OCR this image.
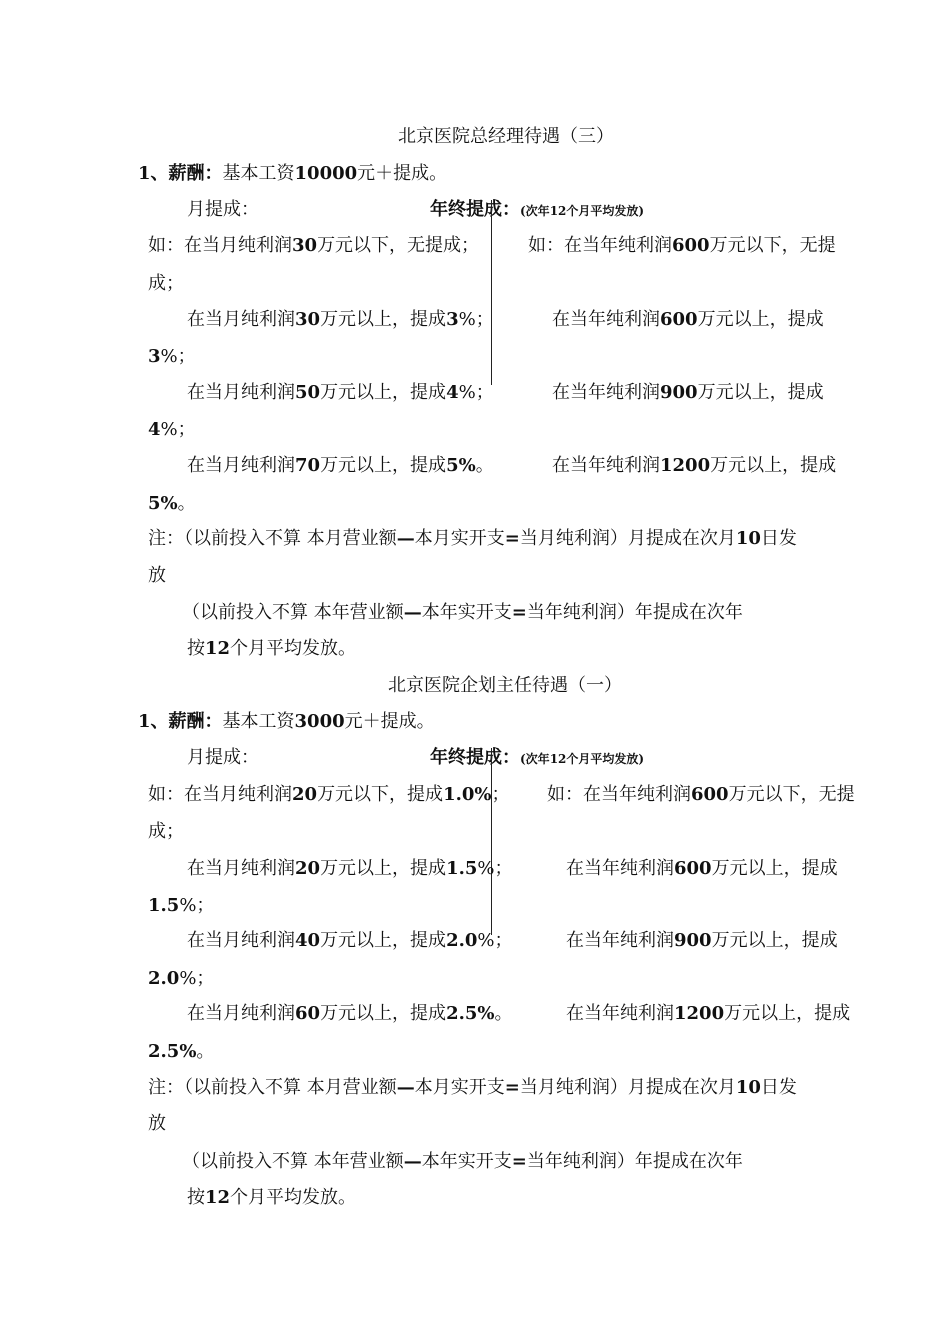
北京医院总经理待遇（三）
1、薪酬：基本工资10000元＋提成。
月提成：	年终提成：(次年12个月平均发放)
如：在当月纯利润30万元以下，无提成；	如：在当年纯利润600万元以下，无提
成；
在当月纯利润30万元以上，提成3%；	在当年纯利润600万元以上，提成
3%；
在当月纯利润50万元以上，提成4%；	在当年纯利润900万元以上，提成
4%；
在当月纯利润70万元以上，提成5%。	在当年纯利润1200万元以上，提成
5%。
注：（以前投入不算 本月营业额—本月实开支=当月纯利润）月提成在次月10日发
放
（以前投入不算 本年营业额—本年实开支=当年纯利润）年提成在次年
按12个月平均发放。
北京医院企划主任待遇（一）
1、薪酬：基本工资3000元＋提成。
月提成：	年终提成：(次年12个月平均发放)
如：在当月纯利润20万元以下，提成1.0%； 如：在当年纯利润600万元以下，无提
成；
在当月纯利润20万元以上，提成1.5%；	在当年纯利润600万元以上，提成
1.5%；
在当月纯利润40万元以上，提成2.0%；	在当年纯利润900万元以上，提成
2.0%；
在当月纯利润60万元以上，提成2.5%。	在当年纯利润1200万元以上，提成
2.5%。
注：（以前投入不算 本月营业额—本月实开支=当月纯利润）月提成在次月10日发
放
（以前投入不算 本年营业额—本年实开支=当年纯利润）年提成在次年
按12个月平均发放。
